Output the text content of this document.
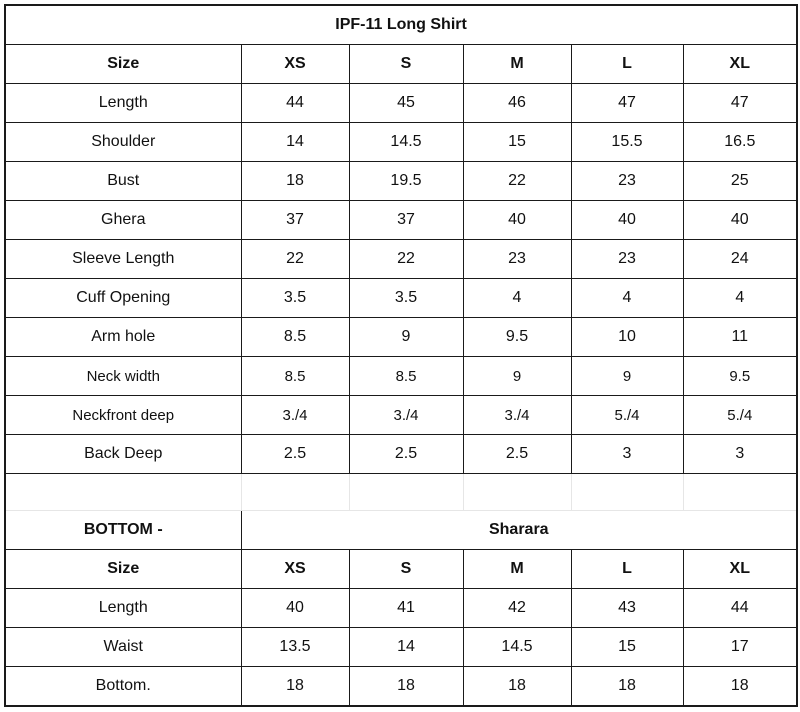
IPF-11 Long Shirt					
Size	XS	S	M	L	XL
Length	44	45	46	47	47
Shoulder	14	14.5	15	15.5	16.5
Bust	18	19.5	22	23	25
Ghera	37	37	40	40	40
Sleeve Length	22	22	23	23	24
Cuff Opening	3.5	3.5	4	4	4
Arm hole	8.5	9	9.5	10	11
Neck width	8.5	8.5	9	9	9.5
Neckfront deep	3./4	3./4	3./4	5./4	5./4
Back Deep	2.5	2.5	2.5	3	3

BOTTOM -	Sharara				
Size	XS	S	M	L	XL
Length	40	41	42	43	44
Waist	13.5	14	14.5	15	17
Bottom.	18	18	18	18	18
